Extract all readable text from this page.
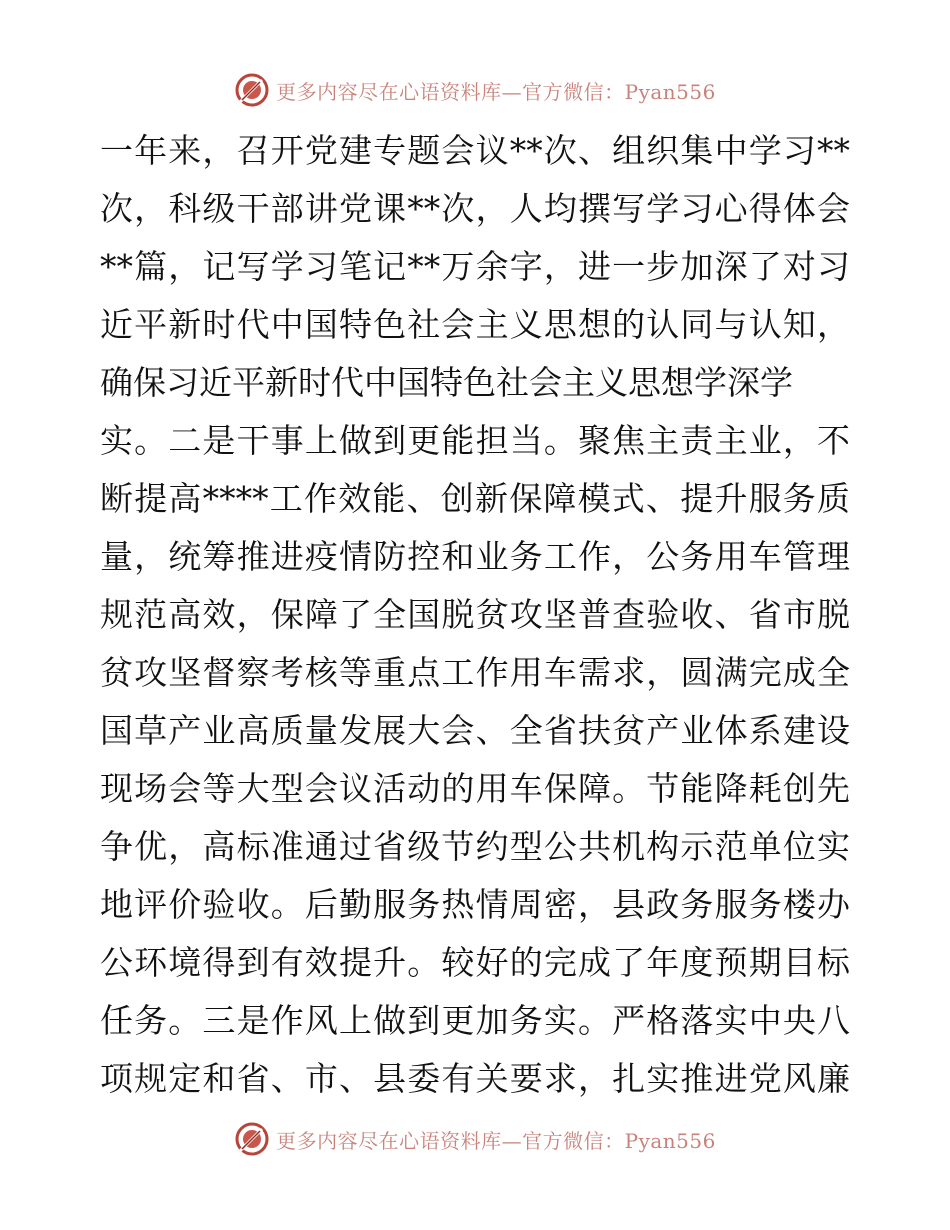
更多内容尽在心语资料库—官方微信：Pyan556
一年来，召开党建专题会议**次、组织集中学习**
次，科级干部讲党课**次，人均撰写学习心得体会
**篇，记写学习笔记**万余字，进一步加深了对习
近平新时代中国特色社会主义思想的认同与认知，
确保习近平新时代中国特色社会主义思想学深学
实。二是干事上做到更能担当。聚焦主责主业，不
断提高****工作效能、创新保障模式、提升服务质
量，统筹推进疫情防控和业务工作，公务用车管理
规范高效，保障了全国脱贫攻坚普查验收、省市脱
贫攻坚督察考核等重点工作用车需求，圆满完成全
国草产业高质量发展大会、全省扶贫产业体系建设
现场会等大型会议活动的用车保障。节能降耗创先
争优，高标准通过省级节约型公共机构示范单位实
地评价验收。后勤服务热情周密，县政务服务楼办
公环境得到有效提升。较好的完成了年度预期目标
任务。三是作风上做到更加务实。严格落实中央八
项规定和省、市、县委有关要求，扎实推进党风廉
更多内容尽在心语资料库—官方微信：Pyan556
